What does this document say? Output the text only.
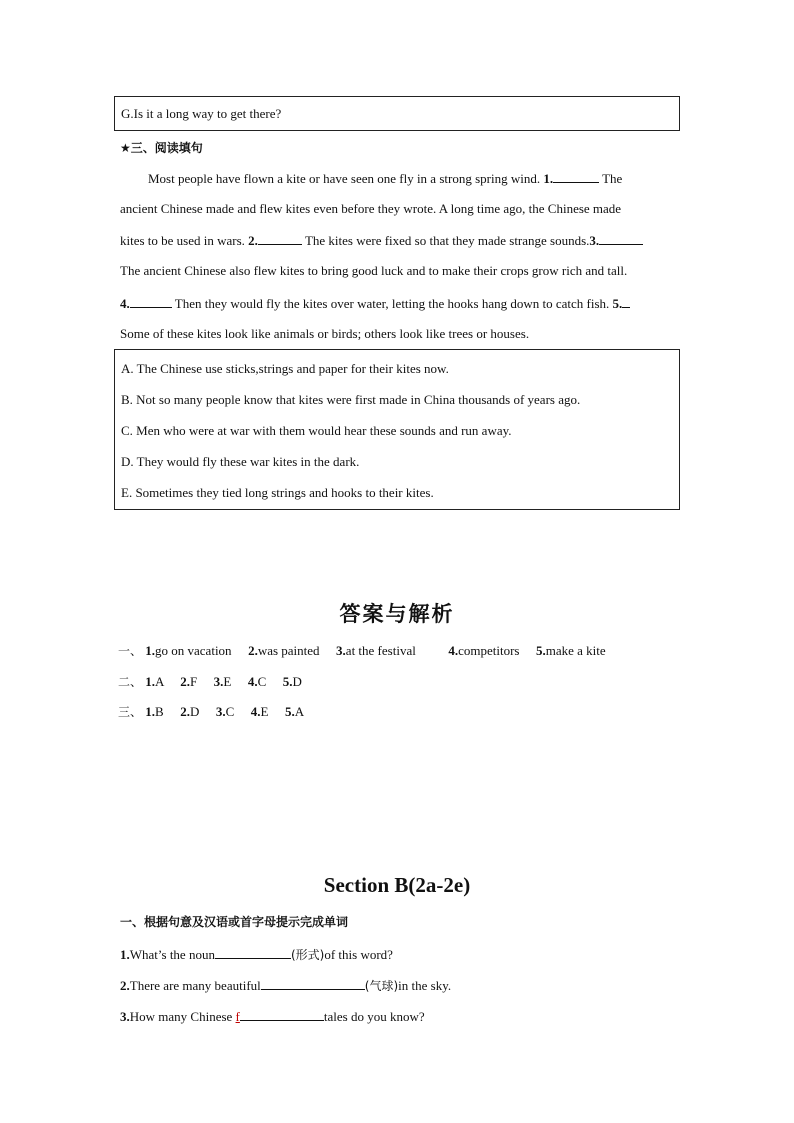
G.Is it a long way to get there?
★三、阅读填句
Most people have flown a kite or have seen one fly in a strong spring wind. 1.	The
ancient Chinese made and flew kites even before they wrote. A long time ago, the Chinese made
kites to be used in wars. 2.	The kites were fixed so that they made strange sounds.3.
The ancient Chinese also flew kites to bring good luck and to make their crops grow rich and tall.
4.	Then they would fly the kites over water, letting the hooks hang down to catch fish. 5.
Some of these kites look like animals or birds; others look like trees or houses.
A. The Chinese use sticks,strings and paper for their kites now.
B. Not so many people know that kites were first made in China thousands of years ago.
C. Men who were at war with them would hear these sounds and run away.
D. They would fly these war kites in the dark.
E. Sometimes they tied long strings and hooks to their kites.
答案与解析
一、 1.go on vacation 2.was painted 3.at the festival	4.competitors 5.make a kite
二、 1.A 2.F 3.E 4.C 5.D
三、 1.B 2.D 3.C 4.E 5.A
Section B(2a-2e)
一、根据句意及汉语或首字母提示完成单词
1.What’s the noun	(形式)of this word?
2.There are many beautiful	(气球)in the sky.
3.How many Chinese f	tales do you know?
